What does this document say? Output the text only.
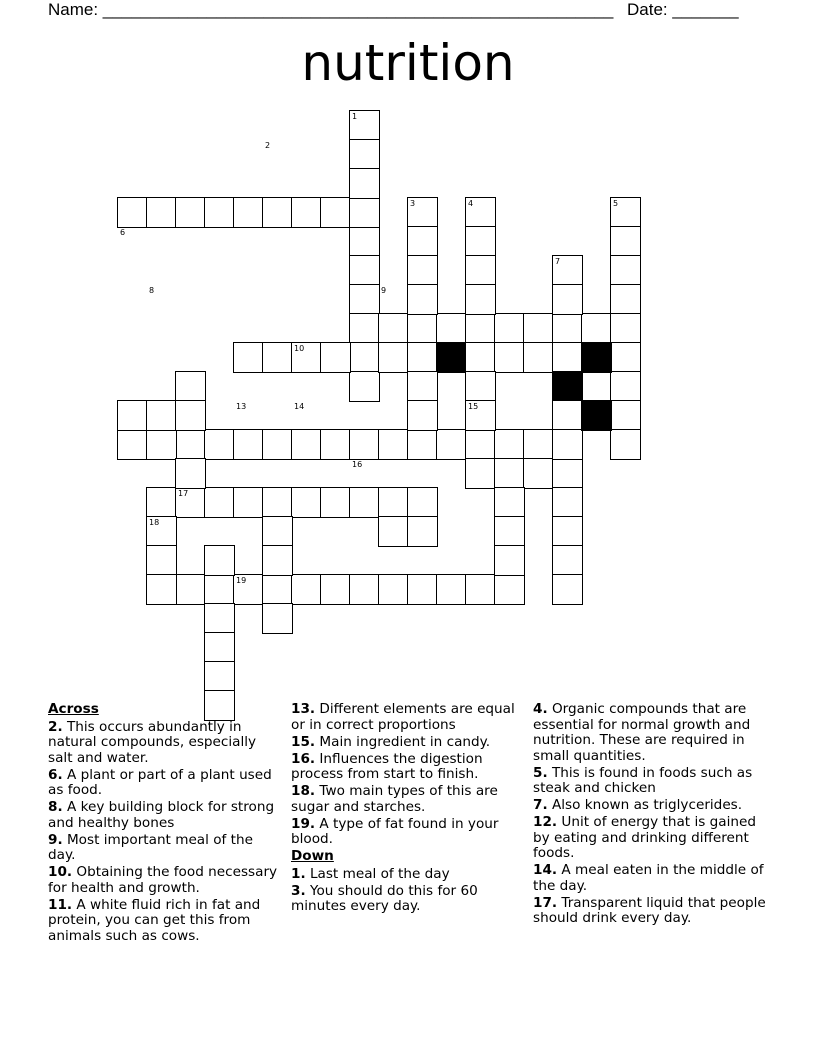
Name: ______________________________________________________ Date: _______
nutrition
1
2
3	4	5
6
7
8	9
10	11
12
13	14	15
16
17
18
19

Across

2. This occurs abundantly in natural compounds, especially salt and water.

6. A plant or part of a plant used as food.

8. A key building block for strong and healthy bones

9. Most important meal of the day.

10. Obtaining the food necessary for health and growth.

11. A white fluid rich in fat and protein, you can get this from animals such as cows.

13. Different elements are equal or in correct proportions

15. Main ingredient in candy.

16. Influences the digestion process from start to finish.

18. Two main types of this are sugar and starches.

19. A type of fat found in your blood.

Down

1. Last meal of the day

3. You should do this for 60 minutes every day.

4. Organic compounds that are essential for normal growth and nutrition. These are required in small quantities.

5. This is found in foods such as steak and chicken

7. Also known as triglycerides.

12. Unit of energy that is gained by eating and drinking different foods.

14. A meal eaten in the middle of the day.

17. Transparent liquid that people should drink every day.
